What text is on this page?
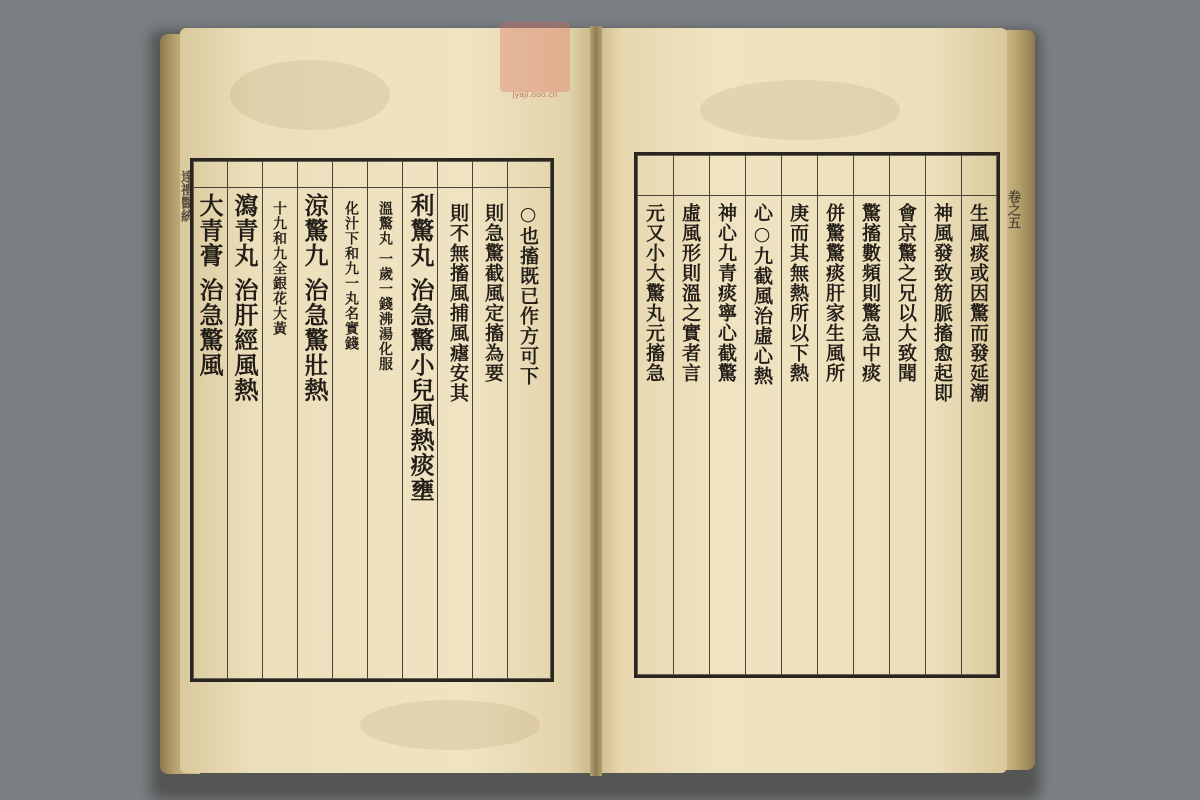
jyaji.ooo.cn
達禮醫統
○也搐既已作方可下
則急驚截風定搐為要
則不無搐風捕風瘧安其
利驚丸 治急驚小兒風熱痰壅
溫驚丸 一歲一錢沸湯化服
化汁下和九一丸名實錢
涼驚九 治急驚壯熱
十九和九全銀花大黃
瀉青丸 治肝經風熱
大青膏 治急驚風	卷之五
生風痰或因驚而發延潮
神風發致筋脈搐愈起即
會京驚之兄以大致聞
驚搐數頻則驚急中痰
併驚驚痰肝家生風所
庚而其無熱所以下熱
心○九截風治虛心熱
神心九青痰寧心截驚
虛風形則溫之實者言
元又小大驚丸元搐急
